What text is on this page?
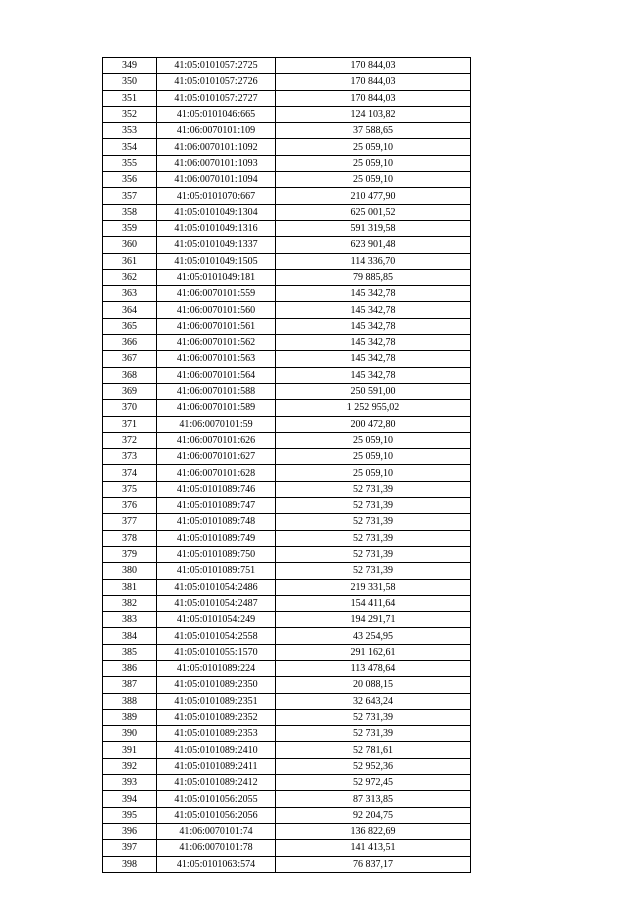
349	41:05:0101057:2725	170 844,03
350	41:05:0101057:2726	170 844,03
351	41:05:0101057:2727	170 844,03
352	41:05:0101046:665	124 103,82
353	41:06:0070101:109	37 588,65
354	41:06:0070101:1092	25 059,10
355	41:06:0070101:1093	25 059,10
356	41:06:0070101:1094	25 059,10
357	41:05:0101070:667	210 477,90
358	41:05:0101049:1304	625 001,52
359	41:05:0101049:1316	591 319,58
360	41:05:0101049:1337	623 901,48
361	41:05:0101049:1505	114 336,70
362	41:05:0101049:181	79 885,85
363	41:06:0070101:559	145 342,78
364	41:06:0070101:560	145 342,78
365	41:06:0070101:561	145 342,78
366	41:06:0070101:562	145 342,78
367	41:06:0070101:563	145 342,78
368	41:06:0070101:564	145 342,78
369	41:06:0070101:588	250 591,00
370	41:06:0070101:589	1 252 955,02
371	41:06:0070101:59	200 472,80
372	41:06:0070101:626	25 059,10
373	41:06:0070101:627	25 059,10
374	41:06:0070101:628	25 059,10
375	41:05:0101089:746	52 731,39
376	41:05:0101089:747	52 731,39
377	41:05:0101089:748	52 731,39
378	41:05:0101089:749	52 731,39
379	41:05:0101089:750	52 731,39
380	41:05:0101089:751	52 731,39
381	41:05:0101054:2486	219 331,58
382	41:05:0101054:2487	154 411,64
383	41:05:0101054:249	194 291,71
384	41:05:0101054:2558	43 254,95
385	41:05:0101055:1570	291 162,61
386	41:05:0101089:224	113 478,64
387	41:05:0101089:2350	20 088,15
388	41:05:0101089:2351	32 643,24
389	41:05:0101089:2352	52 731,39
390	41:05:0101089:2353	52 731,39
391	41:05:0101089:2410	52 781,61
392	41:05:0101089:2411	52 952,36
393	41:05:0101089:2412	52 972,45
394	41:05:0101056:2055	87 313,85
395	41:05:0101056:2056	92 204,75
396	41:06:0070101:74	136 822,69
397	41:06:0070101:78	141 413,51
398	41:05:0101063:574	76 837,17
